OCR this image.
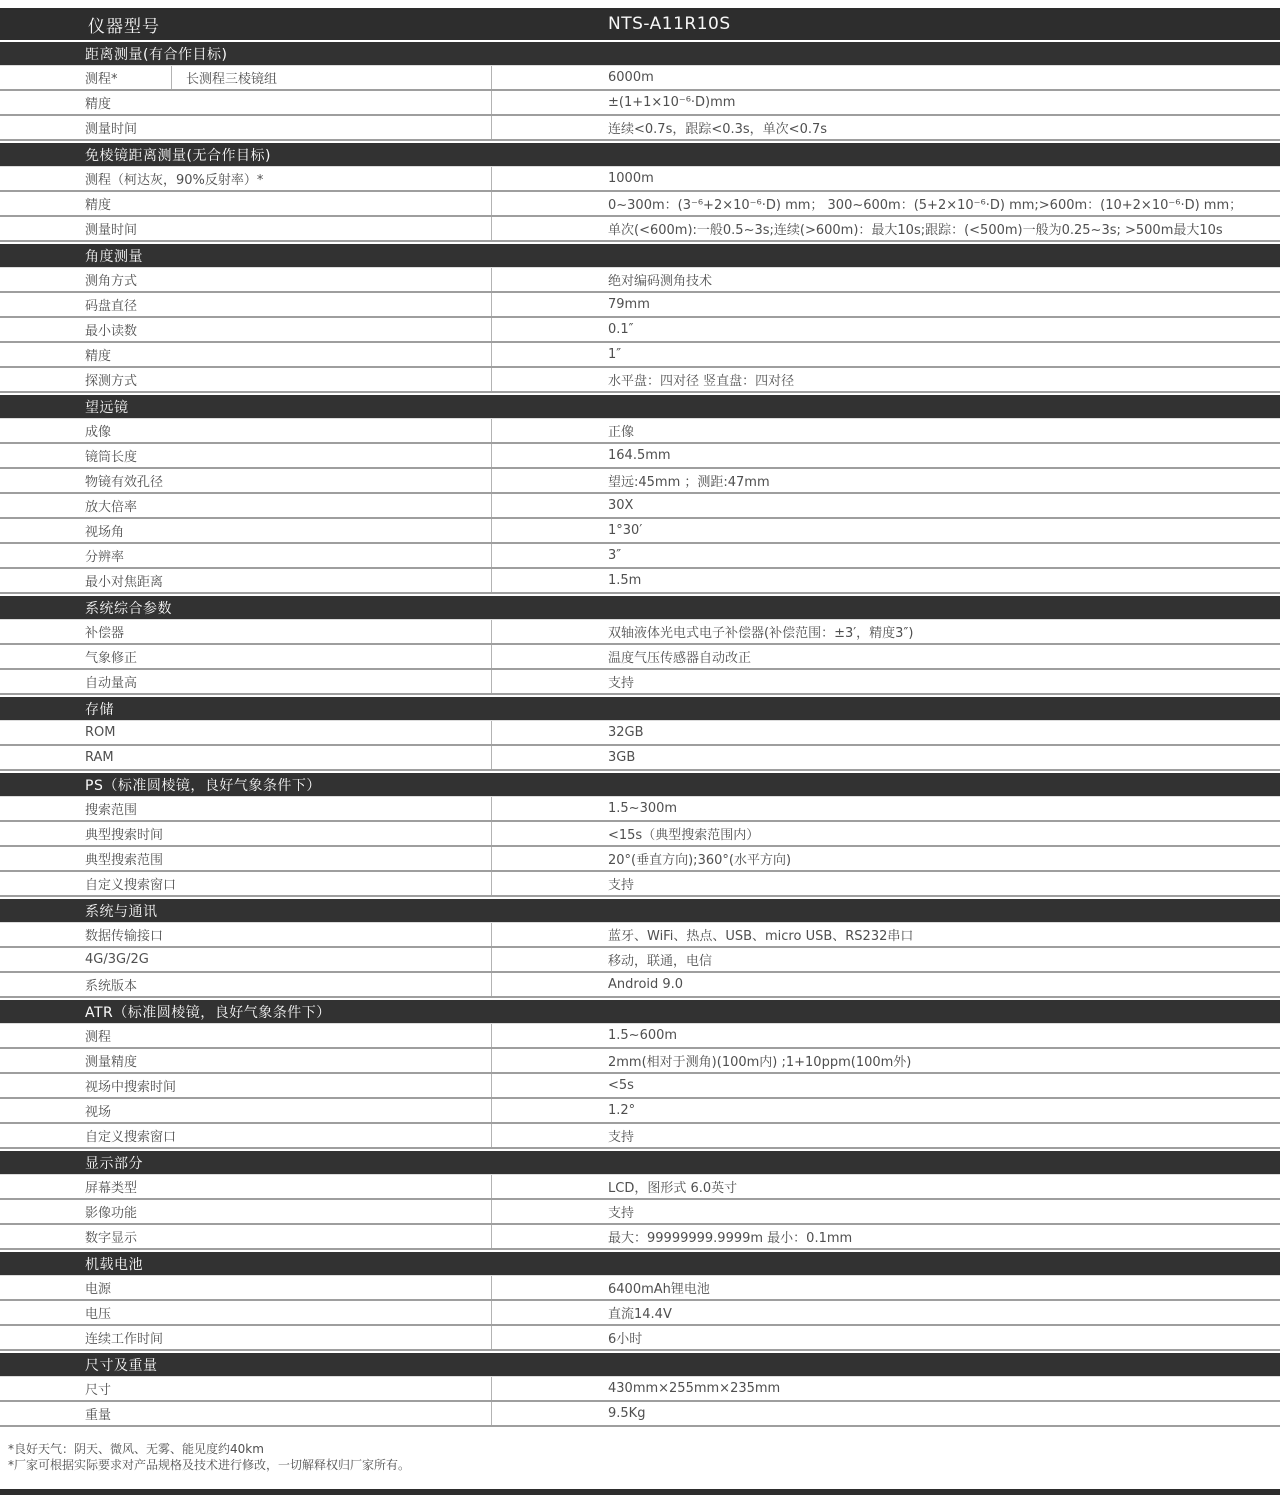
仪器型号	NTS-A11R10S
距离测量(有合作目标)
测程*	长测程三棱镜组	6000m
精度	±(1+1×10⁻⁶·D)mm
测量时间	连续<0.7s，跟踪<0.3s，单次<0.7s
免棱镜距离测量(无合作目标)
测程（柯达灰，90%反射率）*	1000m
精度	0~300m：(3⁻⁶+2×10⁻⁶·D) mm； 300~600m：(5+2×10⁻⁶·D) mm;>600m：(10+2×10⁻⁶·D) mm；
测量时间	单次(<600m):一般0.5~3s;连续(>600m)：最大10s;跟踪：(<500m)一般为0.25~3s; >500m最大10s
角度测量
测角方式	绝对编码测角技术
码盘直径	79mm
最小读数	0.1″
精度	1″
探测方式	水平盘：四对径 竖直盘：四对径
望远镜
成像	正像
镜筒长度	164.5mm
物镜有效孔径	望远:45mm ；测距:47mm
放大倍率	30X
视场角	1°30′
分辨率	3″
最小对焦距离	1.5m
系统综合参数
补偿器	双轴液体光电式电子补偿器(补偿范围：±3′，精度3″)
气象修正	温度气压传感器自动改正
自动量高	支持
存储
ROM	32GB
RAM	3GB
PS（标准圆棱镜，良好气象条件下）
搜索范围	1.5~300m
典型搜索时间	<15s（典型搜索范围内）
典型搜索范围	20°(垂直方向);360°(水平方向)
自定义搜索窗口	支持
系统与通讯
数据传输接口	蓝牙、WiFi、热点、USB、micro USB、RS232串口
4G/3G/2G	移动，联通，电信
系统版本	Android 9.0
ATR（标准圆棱镜，良好气象条件下）
测程	1.5~600m
测量精度	2mm(相对于测角)(100m内) ;1+10ppm(100m外)
视场中搜索时间	<5s
视场	1.2°
自定义搜索窗口	支持
显示部分
屏幕类型	LCD，图形式 6.0英寸
影像功能	支持
数字显示	最大：99999999.9999m 最小：0.1mm
机载电池
电源	6400mAh锂电池
电压	直流14.4V
连续工作时间	6小时
尺寸及重量
尺寸	430mm×255mm×235mm
重量	9.5Kg
*良好天气：阴天、微风、无雾、能见度约40km
*厂家可根据实际要求对产品规格及技术进行修改，一切解释权归厂家所有。
